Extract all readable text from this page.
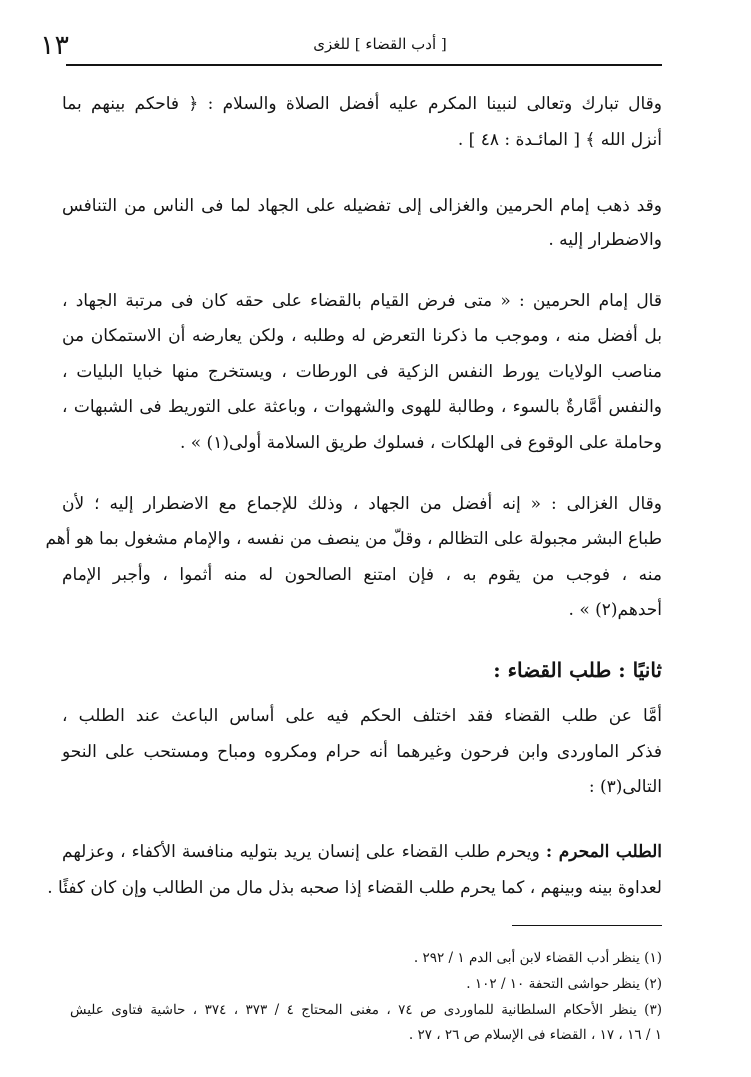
١٣	[ أدب القضاء ] للغزى
وقال تبارك وتعالى لنبينا المكرم عليه أفضل الصلاة والسلام : ﴿ فاحكم بينهم بما
أنزل الله ﴾ [ المائـدة : ٤٨ ] .
وقد ذهب إمام الحرمين والغزالى إلى تفضيله على الجهاد لما فى الناس من التنافس
والاضطرار إليه .
قال إمام الحرمين : « متى فرض القيام بالقضاء على حقه كان فى مرتبة الجهاد ،
بل أفضل منه ، وموجب ما ذكرنا التعرض له وطلبه ، ولكن يعارضه أن الاستمكان من
مناصب الولايات يورط النفس الزكية فى الورطات ، ويستخرج منها خبايا البليات ،
والنفس أمَّارةٌ بالسوء ، وطالبة للهوى والشهوات ، وباعثة على التوريط فى الشبهات ،
وحاملة على الوقوع فى الهلكات ، فسلوك طريق السلامة أولى(١) » .
وقال الغزالى : « إنه أفضل من الجهاد ، وذلك للإجماع مع الاضطرار إليه ؛ لأن
طباع البشر مجبولة على التظالم ، وقلّ من ينصف من نفسه ، والإمام مشغول بما هو أهم
منه ، فوجب من يقوم به ، فإن امتنع الصالحون له منه أثموا ، وأجبر الإمام
أحدهم(٢) » .
ثانيًا : طلب القضاء :
أمَّا عن طلب القضاء فقد اختلف الحكم فيه على أساس الباعث عند الطلب ،
فذكر الماوردى وابن فرحون وغيرهما أنه حرام ومكروه ومباح ومستحب على النحو
التالى(٣) :
الطلب المحرم : ويحرم طلب القضاء على إنسان يريد بتوليه منافسة الأكفاء ، وعزلهم
لعداوة بينه وبينهم ، كما يحرم طلب القضاء إذا صحبه بذل مال من الطالب وإن كان كفئًا .
(١) ينظر أدب القضاء لابن أبى الدم ١ / ٢٩٢ .
(٢) ينظر حواشى التحفة ١٠ / ١٠٢ .
(٣) ينظر الأحكام السلطانية للماوردى ص ٧٤ ، مغنى المحتاج ٤ / ٣٧٣ ، ٣٧٤ ، حاشية فتاوى عليش
١ / ١٦ ، ١٧ ، القضاء فى الإسلام ص ٢٦ ، ٢٧ .
